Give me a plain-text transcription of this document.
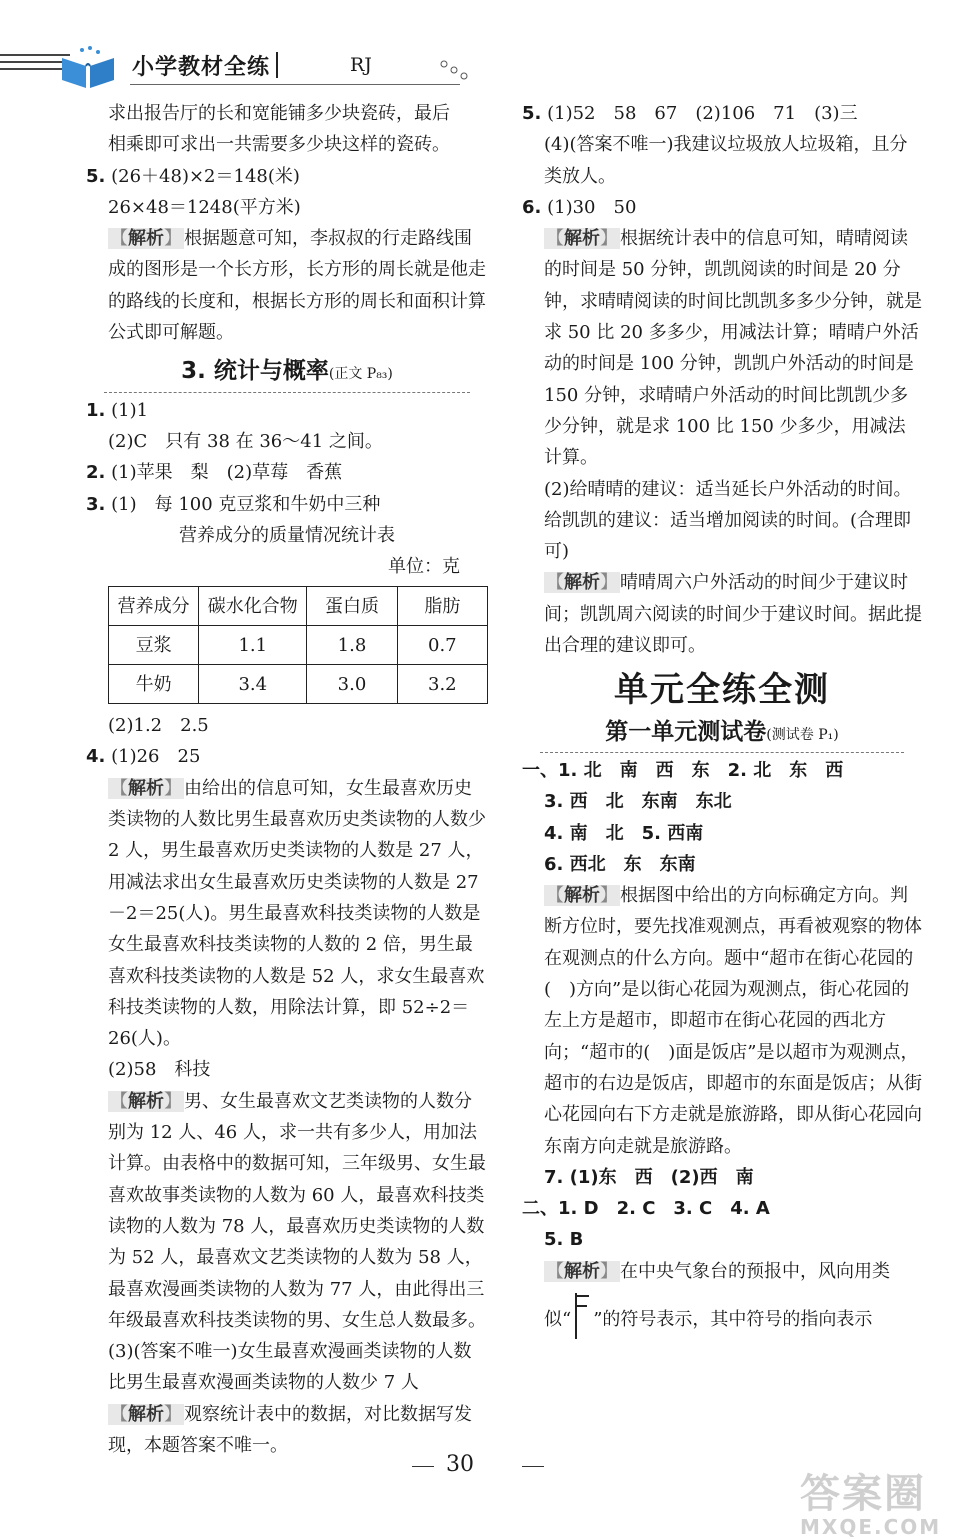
小学教材全练	RJ

求出报告厅的长和宽能铺多少块瓷砖，最后

相乘即可求出一共需要多少块这样的瓷砖。

5. (26＋48)×2＝148(米)

26×48＝1248(平方米)

【解析】 根据题意可知，李叔叔的行走路线围成的图形是一个长方形，长方形的周长就是他走的路线的长度和，根据长方形的周长和面积计算公式即可解题。

3. 统计与概率(正文 P₈₃)

1. (1)1

(2)C　只有 38 在 36～41 之间。

2. (1)苹果　梨　(2)草莓　香蕉

3. (1)　 每 100 克豆浆和牛奶中三种

营养成分的质量情况统计表

单位：克

营养成分	碳水化合物	蛋白质	脂肪
豆浆	1.1	1.8	0.7
牛奶	3.4	3.0	3.2

(2)1.2　2.5

4. (1)26　25

【解析】 由给出的信息可知，女生最喜欢历史类读物的人数比男生最喜欢历史类读物的人数少 2 人，男生最喜欢历史类读物的人数是 27 人，用减法求出女生最喜欢历史类读物的人数是 27－2＝25(人)。男生最喜欢科技类读物的人数是女生最喜欢科技类读物的人数的 2 倍，男生最喜欢科技类读物的人数是 52 人，求女生最喜欢科技类读物的人数，用除法计算，即 52÷2＝26(人)。

(2)58　科技

【解析】 男、女生最喜欢文艺类读物的人数分别为 12 人、46 人，求一共有多少人，用加法计算。由表格中的数据可知，三年级男、女生最喜欢故事类读物的人数为 60 人，最喜欢科技类读物的人数为 78 人，最喜欢历史类读物的人数为 52 人，最喜欢文艺类读物的人数为 58 人，最喜欢漫画类读物的人数为 77 人，由此得出三年级最喜欢科技类读物的男、女生总人数最多。

(3)(答案不唯一)女生最喜欢漫画类读物的人数比男生最喜欢漫画类读物的人数少 7 人

【解析】 观察统计表中的数据，对比数据写发现，本题答案不唯一。

5. (1)52　58　67　(2)106　71　(3)三

(4)(答案不唯一)我建议垃圾放人垃圾箱，且分类放人。

6. (1)30　50

【解析】 根据统计表中的信息可知，晴晴阅读的时间是 50 分钟，凯凯阅读的时间是 20 分钟，求晴晴阅读的时间比凯凯多多少分钟，就是求 50 比 20 多多少，用减法计算；晴晴户外活动的时间是 100 分钟，凯凯户外活动的时间是 150 分钟，求晴晴户外活动的时间比凯凯少多少分钟，就是求 100 比 150 少多少，用减法计算。

(2)给晴晴的建议：适当延长户外活动的时间。

给凯凯的建议：适当增加阅读的时间。(合理即可)

【解析】 晴晴周六户外活动的时间少于建议时间；凯凯周六阅读的时间少于建议时间。据此提出合理的建议即可。

单元全练全测
第一单元测试卷(测试卷 P₁)

一、1. 北　南　西　东　2. 北　东　西

3. 西　北　东南　东北

4. 南　北　5. 西南

6. 西北　东　东南

【解析】 根据图中给出的方向标确定方向。判断方位时，要先找准观测点，再看被观察的物体在观测点的什么方向。题中“超市在街心花园的(　)方向”是以街心花园为观测点，街心花园的左上方是超市，即超市在街心花园的西北方向；“超市的(　)面是饭店”是以超市为观测点，超市的右边是饭店，即超市的东面是饭店；从街心花园向右下方走就是旅游路，即从街心花园向东南方向走就是旅游路。

7. (1)东　西　(2)西　南

二、1. D　2. C　3. C　4. A

5. B

【解析】 在中央气象台的预报中，风向用类

似“ ”的符号表示，其中符号的指向表示

30
答案圈
MXQE.COM
